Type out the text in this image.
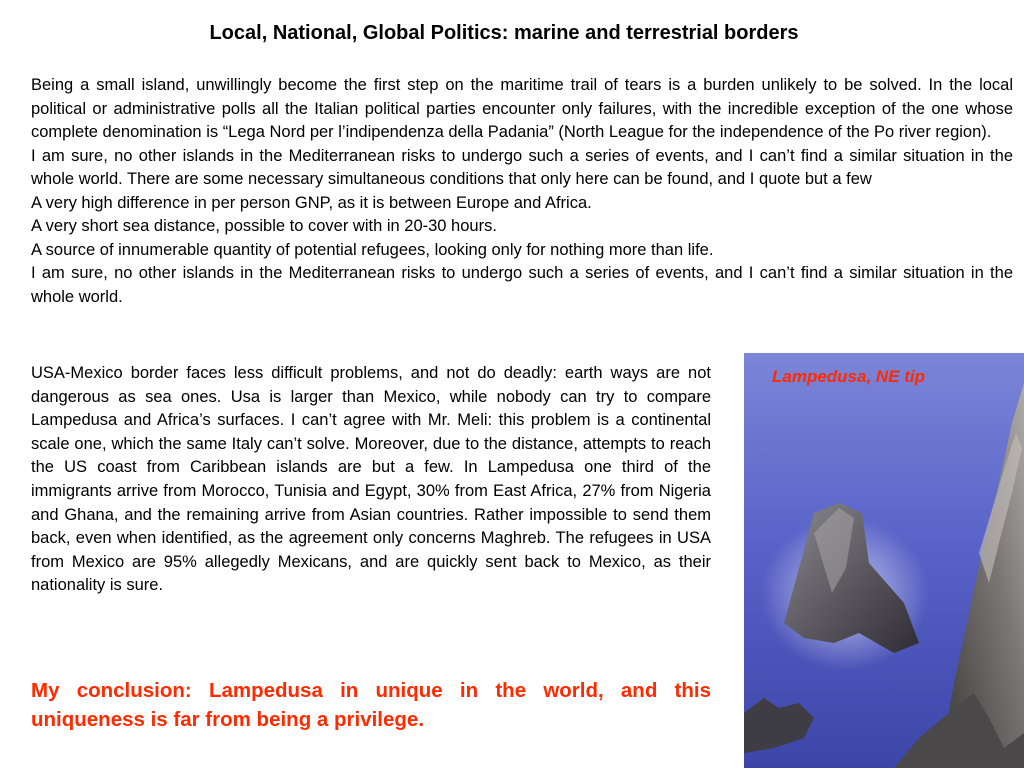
Local, National, Global Politics: marine and terrestrial borders

Being a small island, unwillingly become the first step on the maritime trail of tears is a burden unlikely to be solved. In the local political or administrative polls all the Italian political parties encounter only failures, with the incredible exception of the one whose complete denomination is “Lega Nord per l’indipendenza della Padania” (North League for the independence of the Po river region).

I am sure, no other islands in the Mediterranean risks to undergo such a series of events, and I can’t find a similar situation in the whole world. There are some necessary simultaneous conditions that only here can be found, and I quote but a few

A very high difference in per person GNP, as it is between Europe and Africa.

A very short sea distance, possible to cover with in 20-30 hours.

A source of innumerable quantity of potential refugees, looking only for nothing more than life.

I am sure, no other islands in the Mediterranean risks to undergo such a series of events, and I can’t find a similar situation in the whole world.

USA-Mexico border faces less difficult problems, and not do deadly: earth ways are not dangerous as sea ones. Usa is larger than Mexico, while nobody can try to compare Lampedusa and Africa’s surfaces. I can’t agree with Mr. Meli: this problem is a continental scale one, which the same Italy can’t solve. Moreover, due to the distance, attempts to reach the US coast from Caribbean islands are but a few. In Lampedusa one third of the immigrants arrive from Morocco, Tunisia and Egypt, 30% from East Africa, 27% from Nigeria and Ghana, and the remaining arrive from Asian countries. Rather impossible to send them back, even when identified, as the agreement only concerns Maghreb. The refugees in USA from Mexico are 95% allegedly Mexicans, and are quickly sent back to Mexico, as their nationality is sure.

My conclusion: Lampedusa in unique in the world, and this uniqueness is far from being a privilege.
Lampedusa, NE tip
